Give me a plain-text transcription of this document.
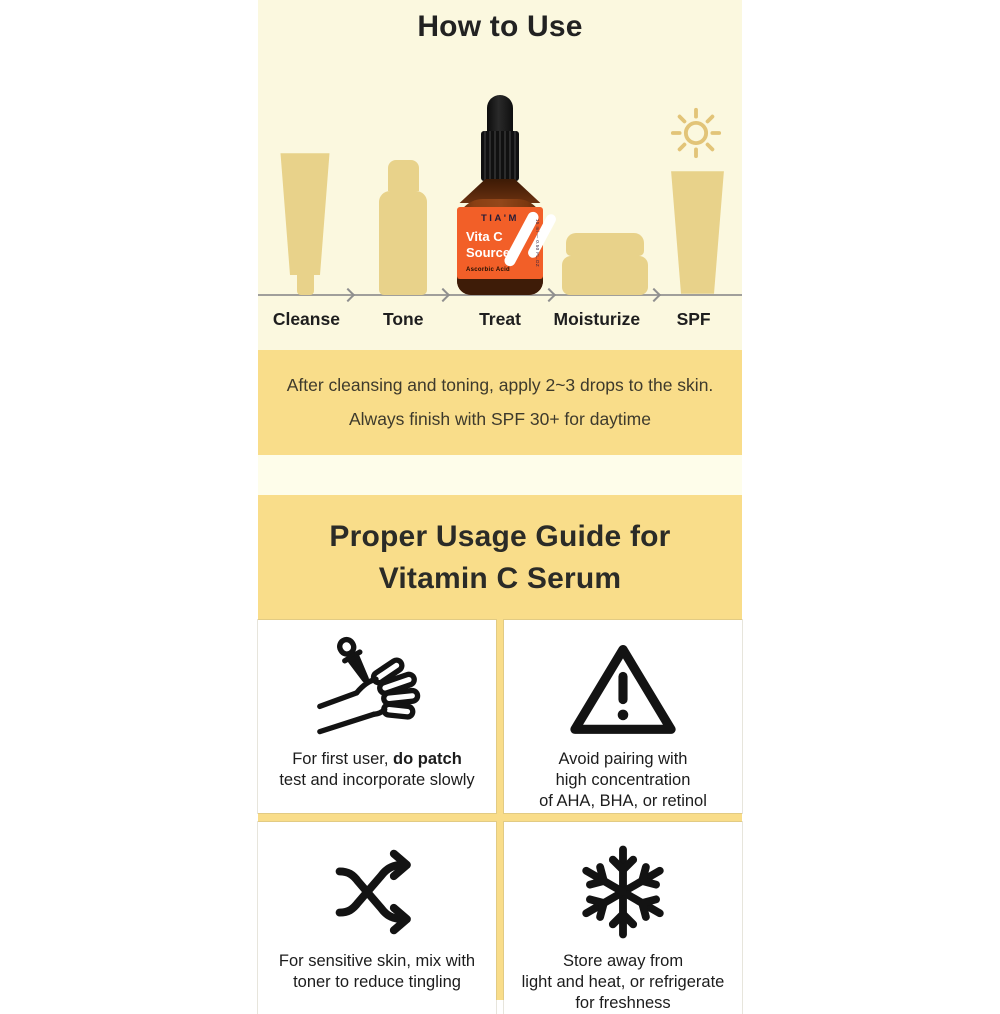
How to Use
TIA'M
Vita C
Source
Ascorbic Acid
15 ml — 0.50 FL.OZ
Cleanse	Tone	Treat	Moisturize	SPF

After cleansing and toning, apply 2~3 drops to the skin.

Always finish with SPF 30+ for daytime

Proper Usage Guide for
Vitamin C Serum

For first user, do patch
test and incorporate slowly

Avoid pairing with
high concentration
of AHA, BHA, or retinol

For sensitive skin, mix with
toner to reduce tingling

Store away from
light and heat, or refrigerate
for freshness
